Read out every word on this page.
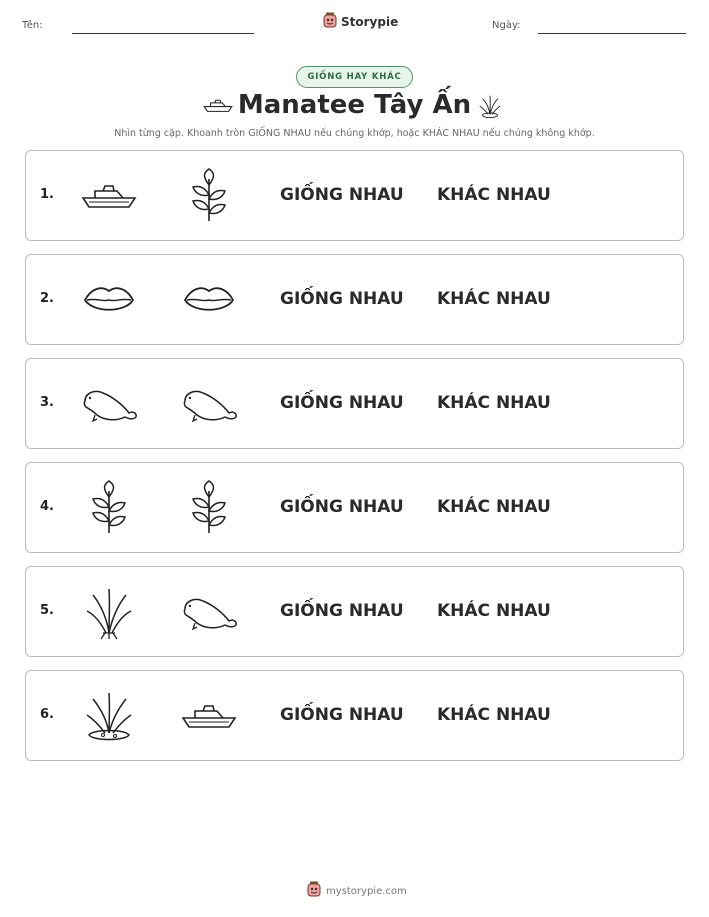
Tên:	Storypie	Ngày:
GIỐNG HAY KHÁC
Manatee Tây Ấn
Nhìn từng cặp. Khoanh tròn GIỐNG NHAU nếu chúng khớp, hoặc KHÁC NHAU nếu chúng không khớp.
1.	GIỐNG NHAU KHÁC NHAU
2.	GIỐNG NHAU KHÁC NHAU
3.	GIỐNG NHAU KHÁC NHAU
4.	GIỐNG NHAU KHÁC NHAU
5.	GIỐNG NHAU KHÁC NHAU
6.	GIỐNG NHAU KHÁC NHAU
mystorypie.com
